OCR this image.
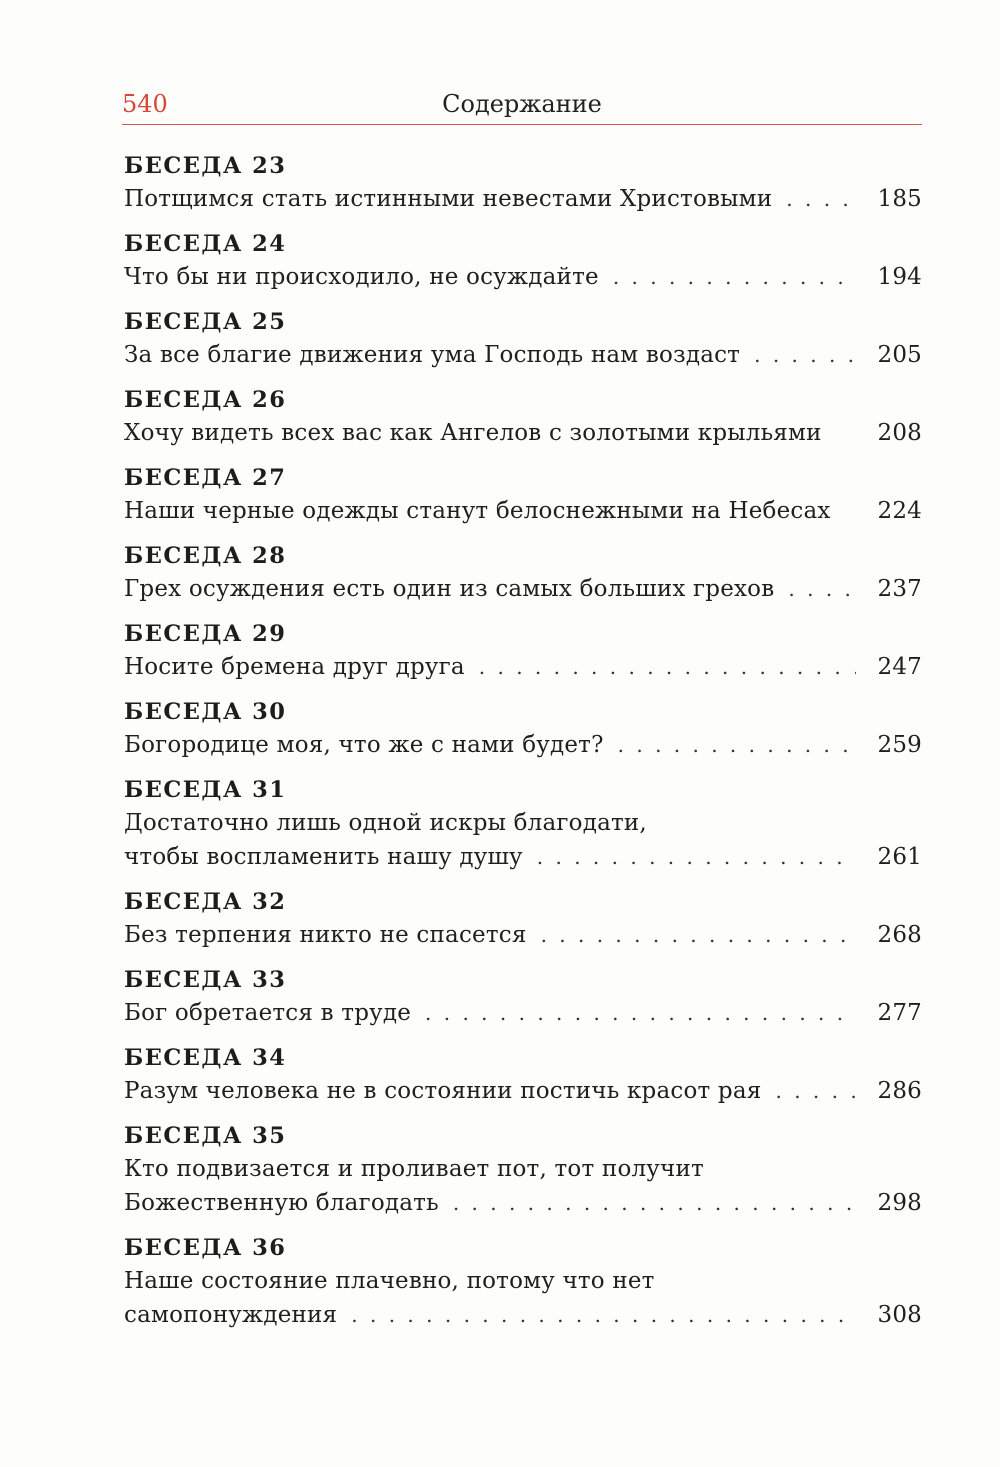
540	Содержание
БЕСЕДА 23
Потщимся стать истинными невестами Христовыми . . .	185
БЕСЕДА 24
Что бы ни происходило, не осуждайте . . .	194
БЕСЕДА 25
За все благие движения ума Господь нам воздаст . . .	205
БЕСЕДА 26
Хочу видеть всех вас как Ангелов с золотыми крыльями	208
БЕСЕДА 27
Наши черные одежды станут белоснежными на Небесах	224
БЕСЕДА 28
Грех осуждения есть один из самых больших грехов . . .	237
БЕСЕДА 29
Носите бремена друг друга . . .	247
БЕСЕДА 30
Богородице моя, что же с нами будет? . . .	259
БЕСЕДА 31
Достаточно лишь одной искры благодати,
чтобы воспламенить нашу душу . . .	261
БЕСЕДА 32
Без терпения никто не спасется . . .	268
БЕСЕДА 33
Бог обретается в труде . . .	277
БЕСЕДА 34
Разум человека не в состоянии постичь красот рая . . .	286
БЕСЕДА 35
Кто подвизается и проливает пот, тот получит
Божественную благодать . . .	298
БЕСЕДА 36
Наше состояние плачевно, потому что нет
самопонуждения . . .	308
